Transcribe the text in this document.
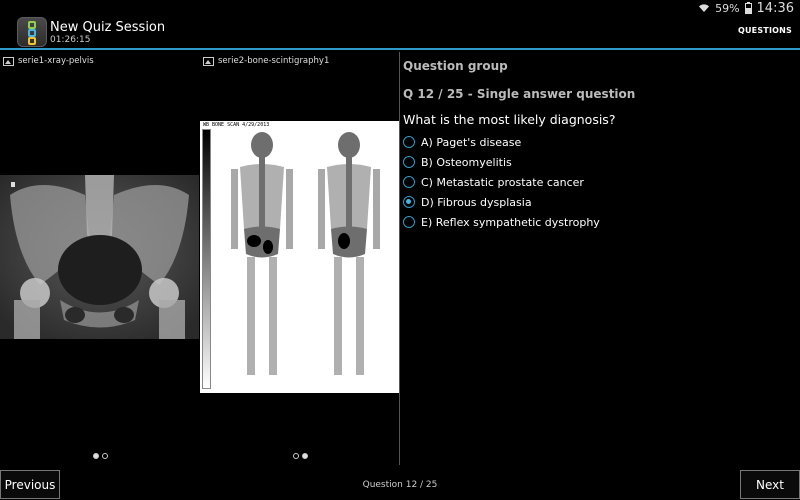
59% 14:36
New Quiz Session
01:26:15
QUESTIONS
serie1-xray-pelvis	serie2-bone-scintigraphy1
WB BONE SCAN 4/29/2013
Question group
Q 12 / 25 - Single answer question
What is the most likely diagnosis?
A) Paget's disease
B) Osteomyelitis
C) Metastatic prostate cancer
D) Fibrous dysplasia
E) Reflex sympathetic dystrophy
Previous	Question 12 / 25	Next
